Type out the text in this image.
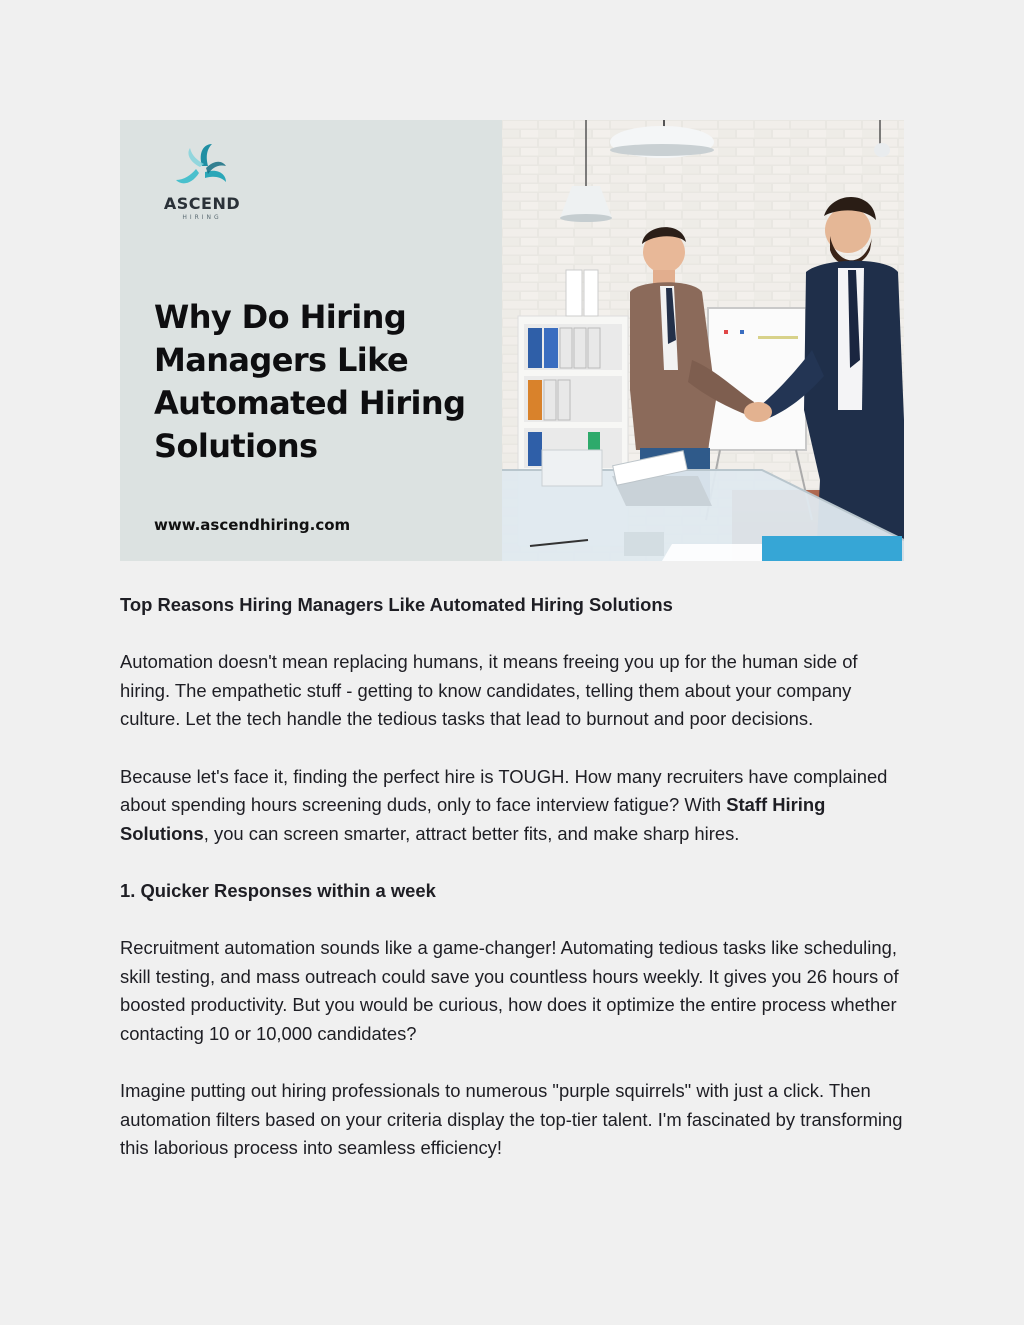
ASCEND
HIRING
Why Do Hiring
Managers Like
Automated Hiring
Solutions
www.ascendhiring.com

Top Reasons Hiring Managers Like Automated Hiring Solutions

Automation doesn't mean replacing humans, it means freeing you up for the human side of hiring. The empathetic stuff - getting to know candidates, telling them about your company culture. Let the tech handle the tedious tasks that lead to burnout and poor decisions.

Because let's face it, finding the perfect hire is TOUGH. How many recruiters have complained about spending hours screening duds, only to face interview fatigue? With Staff Hiring Solutions, you can screen smarter, attract better fits, and make sharp hires.

1. Quicker Responses within a week

Recruitment automation sounds like a game-changer! Automating tedious tasks like scheduling, skill testing, and mass outreach could save you countless hours weekly. It gives you 26 hours of boosted productivity. But you would be curious, how does it optimize the entire process whether contacting 10 or 10,000 candidates?

Imagine putting out hiring professionals to numerous "purple squirrels" with just a click. Then automation filters based on your criteria display the top-tier talent. I'm fascinated by transforming this laborious process into seamless efficiency!
